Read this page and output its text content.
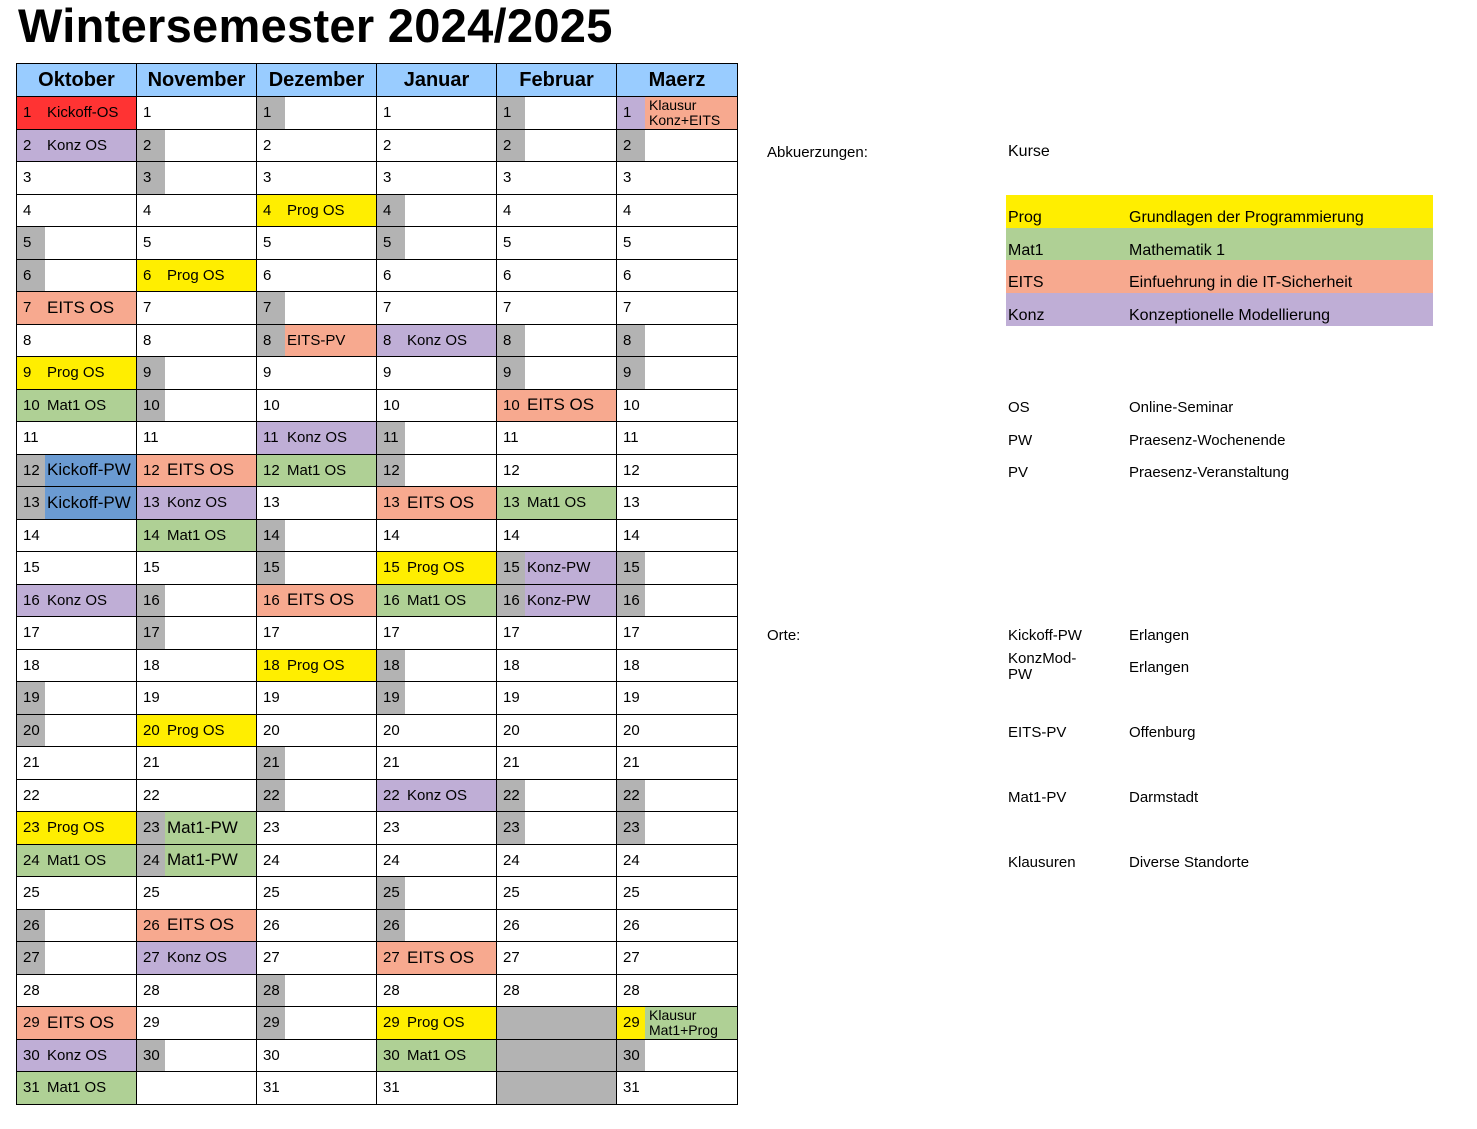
Wintersemester 2024/2025
Oktober	November	Dezember	Januar	Februar	Maerz

1 Kickoff-OS	1	1	1	1	1 Klausur Konz+EITS

2 Konz OS	2	2	2	2	2

3	3	3	3	3	3

4	4	4 Prog OS	4	4	4

5	5	5	5	5	5

6	6 Prog OS	6	6	6	6

7 EITS OS	7	7	7	7	7

8	8	8 EITS-PV	8 Konz OS	8	8

9 Prog OS	9	9	9	9	9

10 Mat1 OS	10	10	10	10 EITS OS	10

11	11	11 Konz OS	11	11	11

12 Kickoff-PW	12 EITS OS	12 Mat1 OS	12	12	12

13 Kickoff-PW	13 Konz OS	13	13 EITS OS	13 Mat1 OS	13

14	14 Mat1 OS	14	14	14	14

15	15	15	15 Prog OS	15 Konz-PW	15

16 Konz OS	16	16 EITS OS	16 Mat1 OS	16 Konz-PW	16

17	17	17	17	17	17

18	18	18 Prog OS	18	18	18

19	19	19	19	19	19

20	20 Prog OS	20	20	20	20

21	21	21	21	21	21

22	22	22	22 Konz OS	22	22

23 Prog OS	23 Mat1-PW	23	23	23	23

24 Mat1 OS	24 Mat1-PW	24	24	24	24

25	25	25	25	25	25

26	26 EITS OS	26	26	26	26

27	27 Konz OS	27	27 EITS OS	27	27

28	28	28	28	28	28

29 EITS OS	29	29	29 Prog OS		29 Klausur Mat1+Prog

30 Konz OS	30	30	30 Mat1 OS		30

31 Mat1 OS		31	31		31
Abkuerzungen:	Kurse
Prog	Grundlagen der Programmierung
Mat1	Mathematik 1
EITS	Einfuehrung in die IT-Sicherheit
Konz	Konzeptionelle Modellierung
OS	Online-Seminar
PW	Praesenz-Wochenende
PV	Praesenz-Veranstaltung
Orte:	Kickoff-PW	Erlangen
KonzMod-PW	Erlangen
EITS-PV	Offenburg
Mat1-PV	Darmstadt
Klausuren	Diverse Standorte
